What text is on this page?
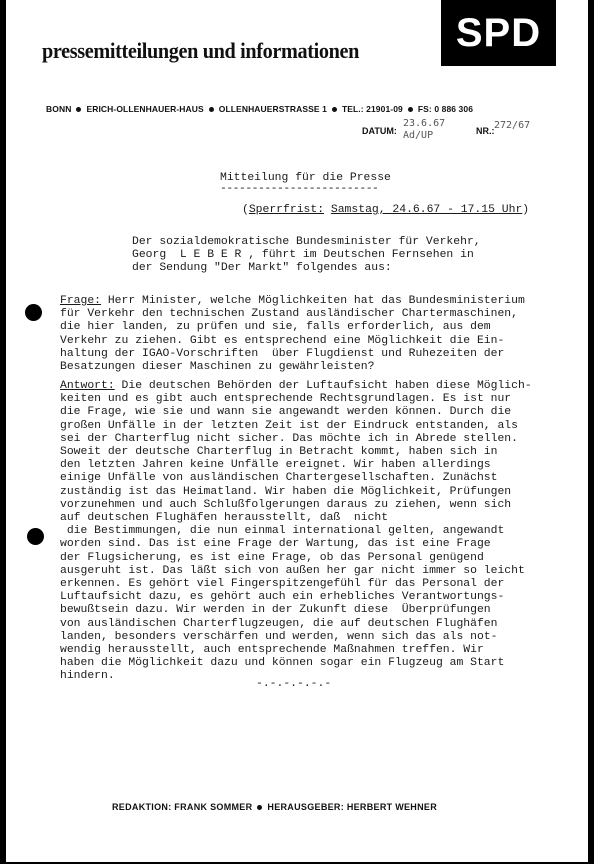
pressemitteilungen und informationen	SPD
BONN ERICH-OLLENHAUER-HAUS OLLENHAUERSTRASSE 1 TEL.: 21901-09 FS: 0 886 306
DATUM:
23.6.67
Ad/UP	NR.: 272/67
Mitteilung für die Presse
-------------------------
(Sperrfrist: Samstag, 24.6.67 - 17.15 Uhr)
Der sozialdemokratische Bundesminister für Verkehr,
Georg  L E B E R , führt im Deutschen Fernsehen in
der Sendung "Der Markt" folgendes aus:
Frage: Herr Minister, welche Möglichkeiten hat das Bundesministerium
für Verkehr den technischen Zustand ausländischer Chartermaschinen,
die hier landen, zu prüfen und sie, falls erforderlich, aus dem
Verkehr zu ziehen. Gibt es entsprechend eine Möglichkeit die Ein-
haltung der IGAO-Vorschriften  über Flugdienst und Ruhezeiten der
Besatzungen dieser Maschinen zu gewährleisten?
Antwort: Die deutschen Behörden der Luftaufsicht haben diese Möglich-
keiten und es gibt auch entsprechende Rechtsgrundlagen. Es ist nur
die Frage, wie sie und wann sie angewandt werden können. Durch die
großen Unfälle in der letzten Zeit ist der Eindruck entstanden, als
sei der Charterflug nicht sicher. Das möchte ich in Abrede stellen.
Soweit der deutsche Charterflug in Betracht kommt, haben sich in
den letzten Jahren keine Unfälle ereignet. Wir haben allerdings
einige Unfälle von ausländischen Chartergesellschaften. Zunächst
zuständig ist das Heimatland. Wir haben die Möglichkeit, Prüfungen
vorzunehmen und auch Schlußfolgerungen daraus zu ziehen, wenn sich
auf deutschen Flughäfen herausstellt, daß  nicht
die Bestimmungen, die nun einmal international gelten, angewandt
worden sind. Das ist eine Frage der Wartung, das ist eine Frage
der Flugsicherung, es ist eine Frage, ob das Personal genügend
ausgeruht ist. Das läßt sich von außen her gar nicht immer so leicht
erkennen. Es gehört viel Fingerspitzengefühl für das Personal der
Luftaufsicht dazu, es gehört auch ein erhebliches Verantwortungs-
bewußtsein dazu. Wir werden in der Zukunft diese  Überprüfungen
von ausländischen Charterflugzeugen, die auf deutschen Flughäfen
landen, besonders verschärfen und werden, wenn sich das als not-
wendig herausstellt, auch entsprechende Maßnahmen treffen. Wir
haben die Möglichkeit dazu und können sogar ein Flugzeug am Start
hindern.
-.-.-.-.-.-
REDAKTION: FRANK SOMMER HERAUSGEBER: HERBERT WEHNER
